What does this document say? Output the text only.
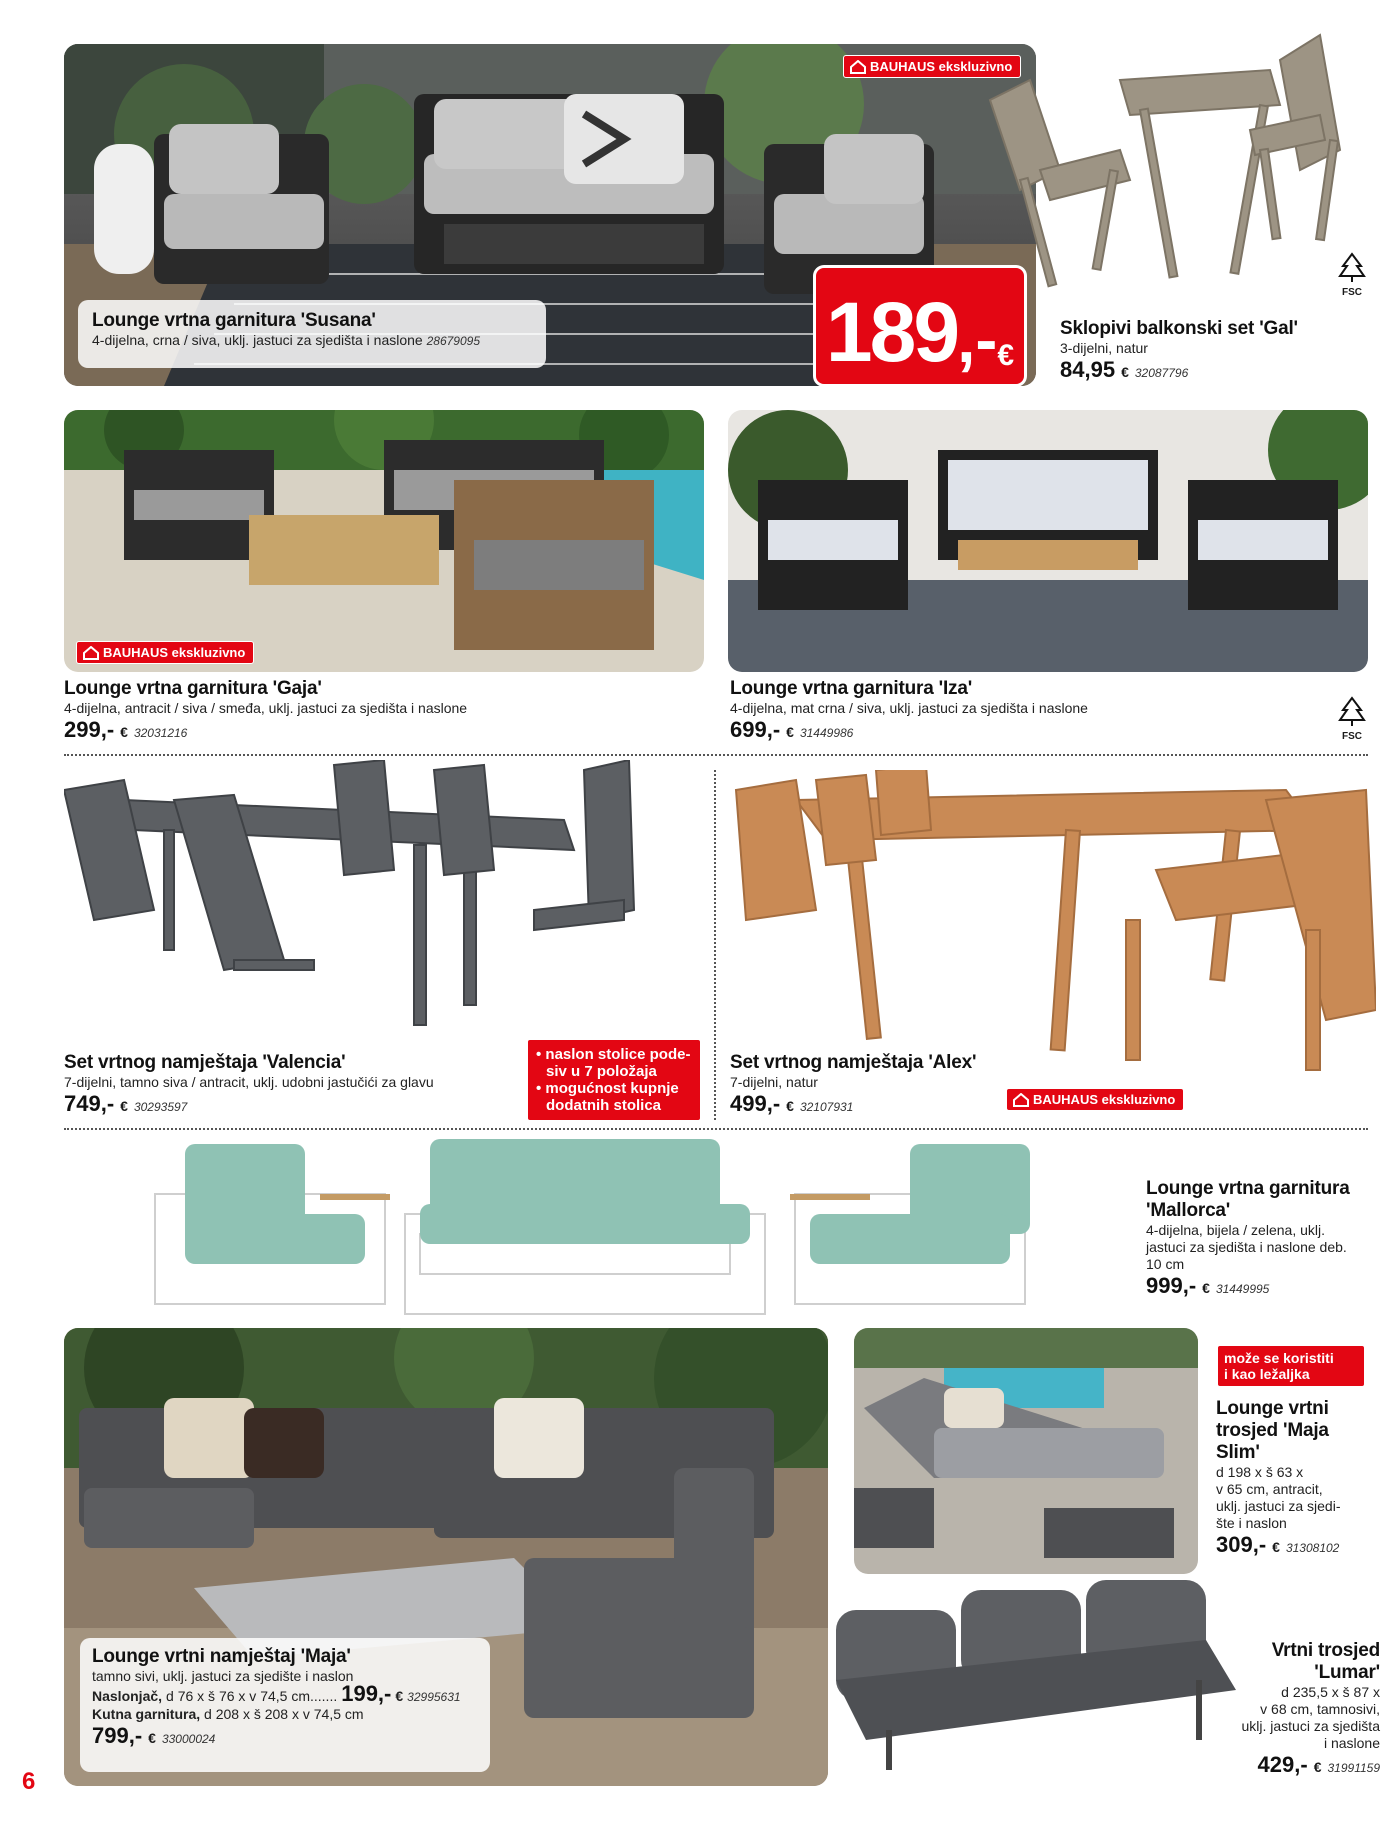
BAUHAUS ekskluzivno
Lounge vrtna garnitura 'Susana'
4-dijelna, crna / siva, uklj. jastuci za sjedišta i naslone 28679095	189 ,- €
FSC
Sklopivi balkonski set 'Gal'
3-dijelni, natur
84,95 € 32087796
BAUHAUS ekskluzivno
Lounge vrtna garnitura 'Gaja'
4-dijelna, antracit / siva / smeđa, uklj. jastuci za sjedišta i naslone
299,- € 32031216
Lounge vrtna garnitura 'Iza'
4-dijelna, mat crna / siva, uklj. jastuci za sjedišta i naslone
699,- € 31449986	FSC
• naslon stolice pode-
siv u 7 položaja
• mogućnost kupnje
dodatnih stolica
Set vrtnog namještaja 'Valencia'
7-dijelni, tamno siva / antracit, uklj. udobni jastučići za glavu
749,- € 30293597	BAUHAUS ekskluzivno
Set vrtnog namještaja 'Alex'
7-dijelni, natur
499,- € 32107931
Lounge vrtna garnitura
'Mallorca'
4-dijelna, bijela / zelena, uklj.
jastuci za sjedišta i naslone deb.
10 cm
999,- € 31449995
Lounge vrtni namještaj 'Maja'
tamno sivi, uklj. jastuci za sjedište i naslon
Naslonjač, d 76 x š 76 x v 74,5 cm....... 199,- € 32995631
Kutna garnitura, d 208 x š 208 x v 74,5 cm
799,- € 33000024
može se koristiti
i kao ležaljka
Lounge vrtni
trosjed 'Maja
Slim'
d 198 x š 63 x
v 65 cm, antracit,
uklj. jastuci za sjedi-
šte i naslon
309,- € 31308102
Vrtni trosjed
'Lumar'
d 235,5 x š 87 x
v 68 cm, tamnosivi,
uklj. jastuci za sjedišta
i naslone
429,- € 31991159
6
